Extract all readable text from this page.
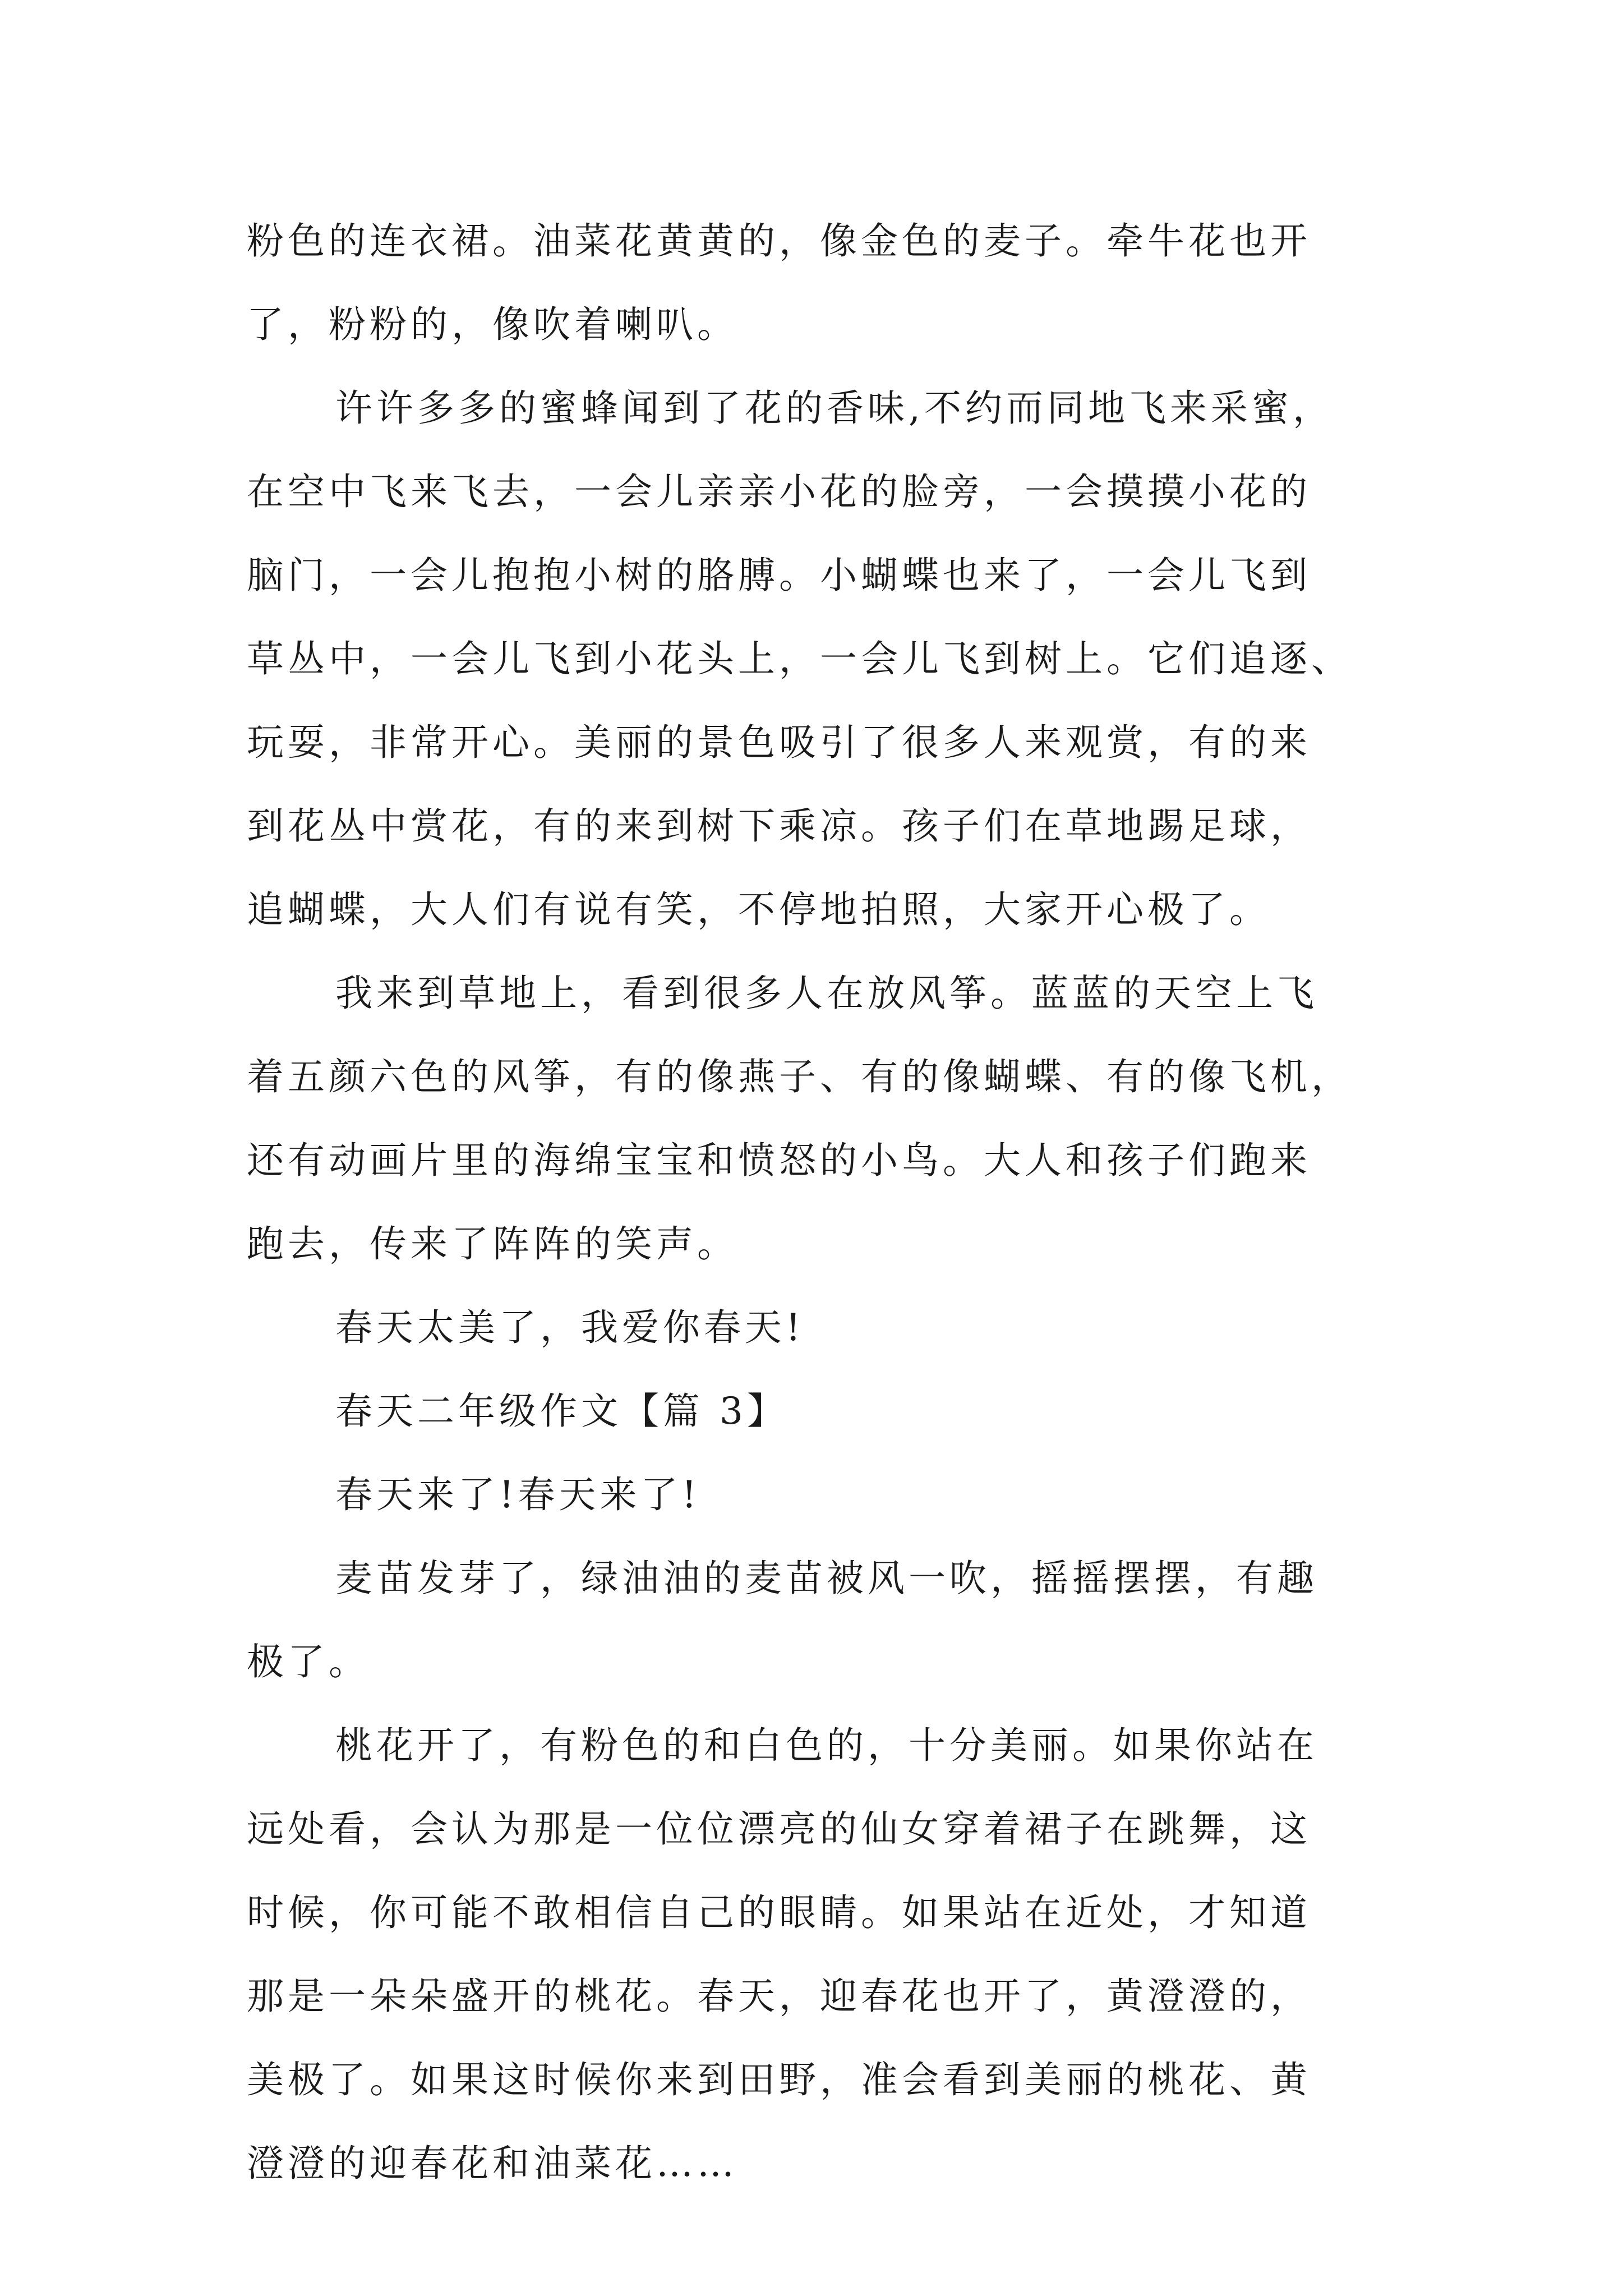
粉色的连衣裙。油菜花黄黄的，像金色的麦子。牵牛花也开
了，粉粉的，像吹着喇叭。
许许多多的蜜蜂闻到了花的香味,不约而同地飞来采蜜，
在空中飞来飞去，一会儿亲亲小花的脸旁，一会摸摸小花的
脑门，一会儿抱抱小树的胳膊。小蝴蝶也来了，一会儿飞到
草丛中，一会儿飞到小花头上，一会儿飞到树上。它们追逐、
玩耍，非常开心。美丽的景色吸引了很多人来观赏，有的来
到花丛中赏花，有的来到树下乘凉。孩子们在草地踢足球，
追蝴蝶，大人们有说有笑，不停地拍照，大家开心极了。
我来到草地上，看到很多人在放风筝。蓝蓝的天空上飞
着五颜六色的风筝，有的像燕子、有的像蝴蝶、有的像飞机，
还有动画片里的海绵宝宝和愤怒的小鸟。大人和孩子们跑来
跑去，传来了阵阵的笑声。
春天太美了，我爱你春天!
春天二年级作文【篇 3】
春天来了!春天来了!
麦苗发芽了，绿油油的麦苗被风一吹，摇摇摆摆，有趣
极了。
桃花开了，有粉色的和白色的，十分美丽。如果你站在
远处看，会认为那是一位位漂亮的仙女穿着裙子在跳舞，这
时候，你可能不敢相信自己的眼睛。如果站在近处，才知道
那是一朵朵盛开的桃花。春天，迎春花也开了，黄澄澄的，
美极了。如果这时候你来到田野，准会看到美丽的桃花、黄
澄澄的迎春花和油菜花……
